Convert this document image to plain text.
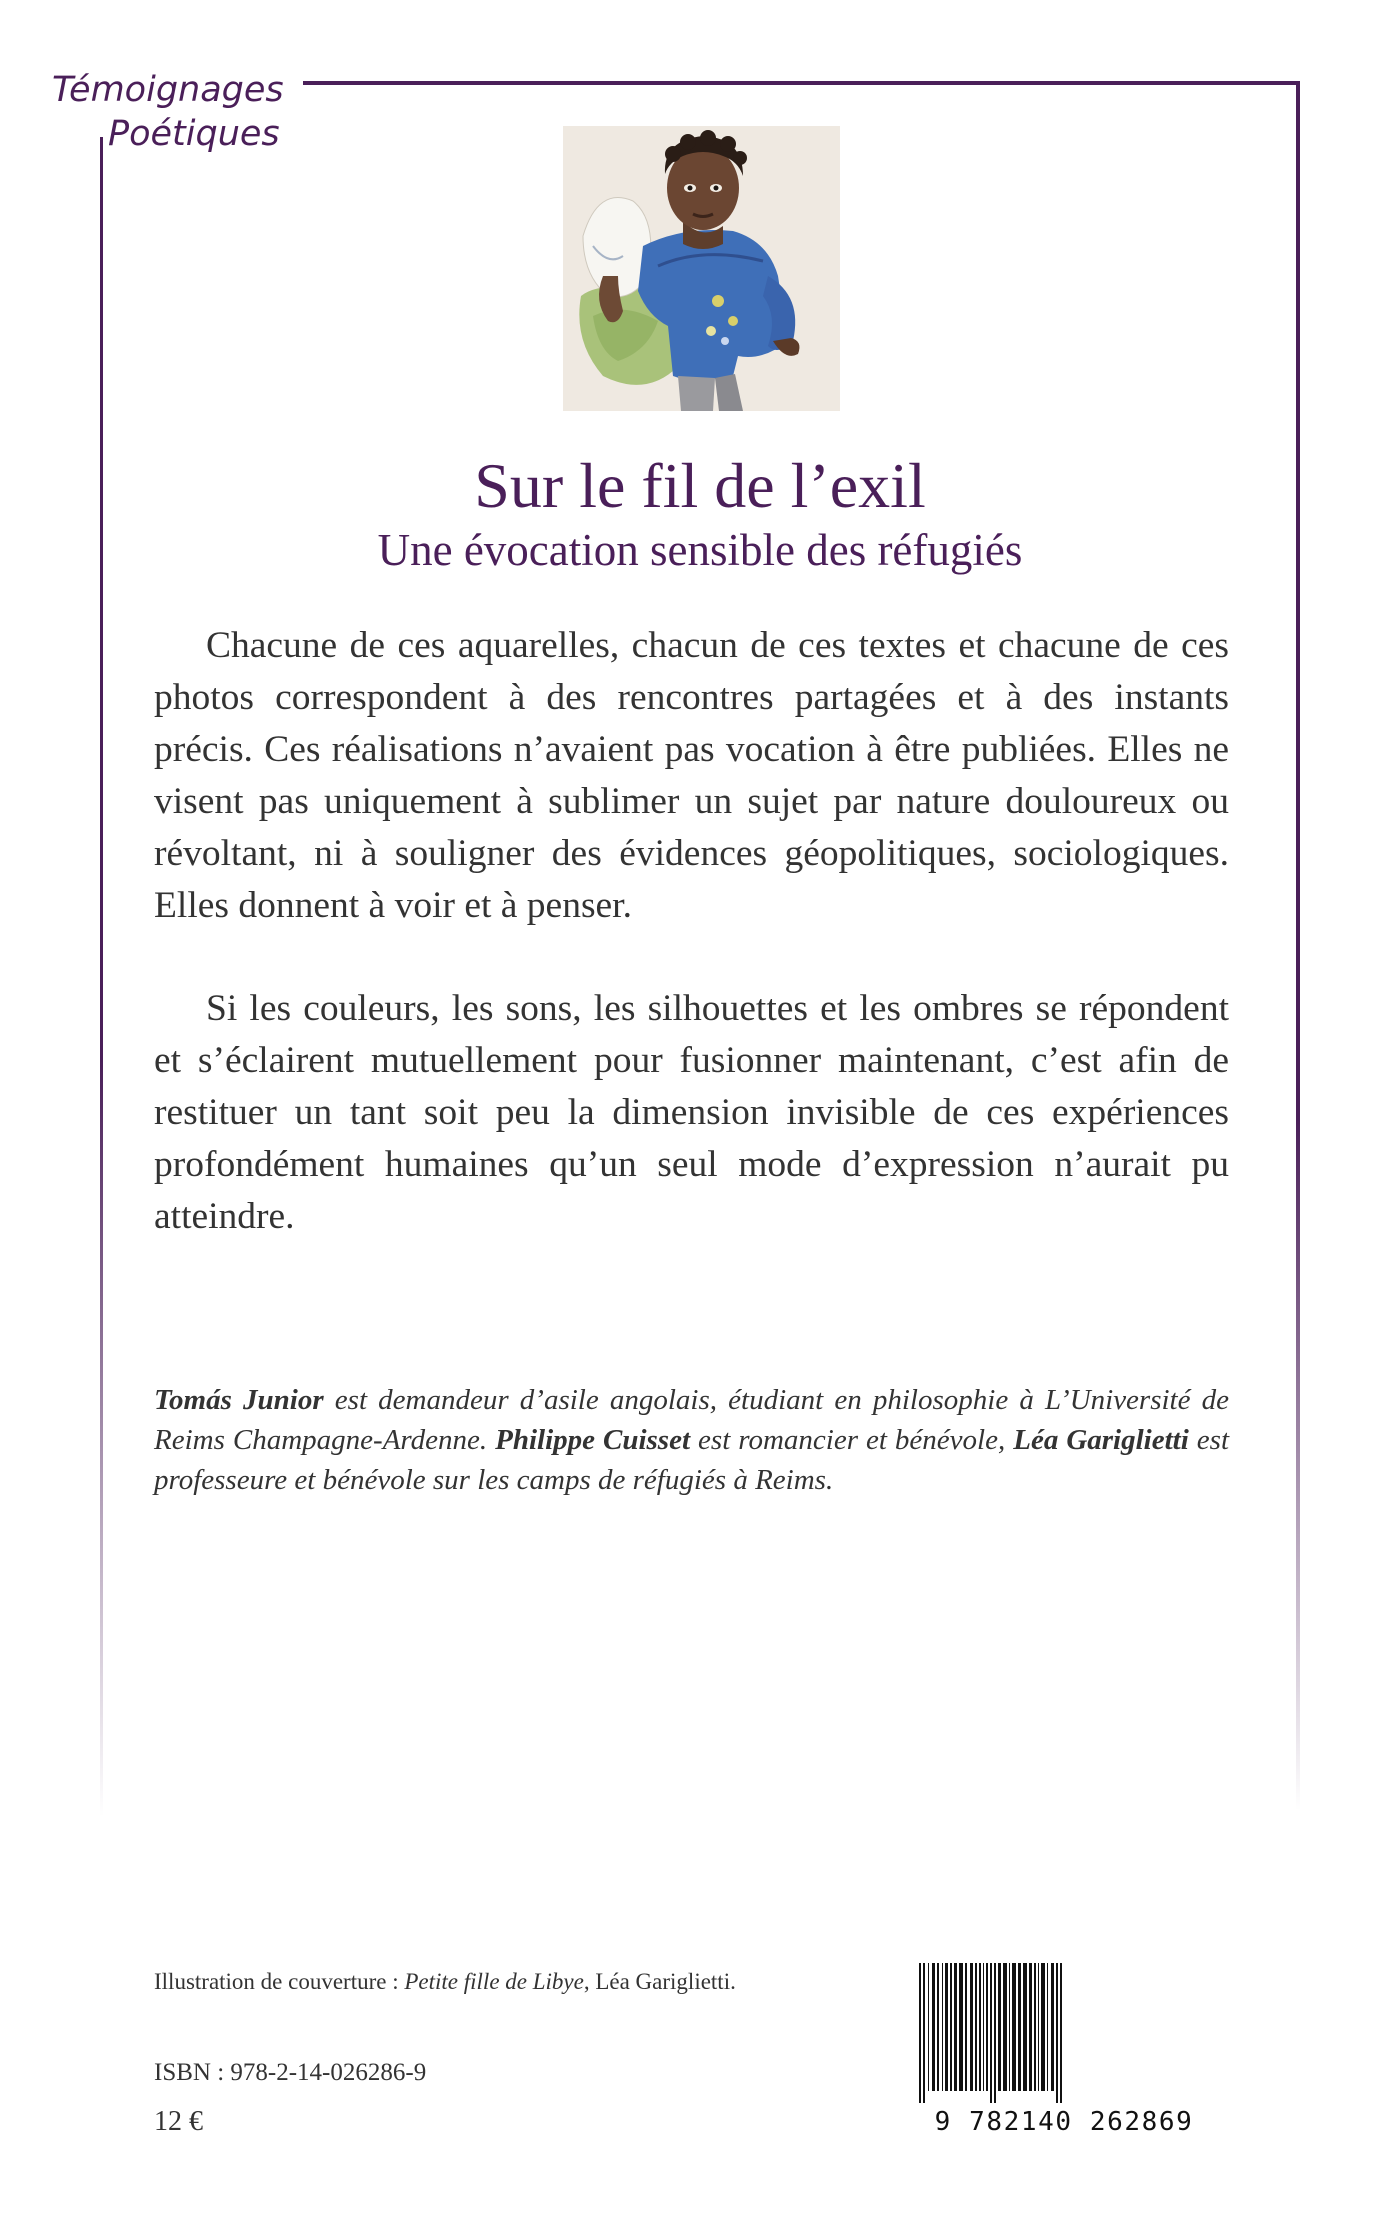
Témoignages
Poétiques
Sur le fil de l’exil
Une évocation sensible des réfugiés

Chacune de ces aquarelles, chacun de ces textes et chacune de ces photos correspondent à des rencontres partagées et à des instants précis. Ces réalisations n’avaient pas vocation à être publiées. Elles ne visent pas uniquement à sublimer un sujet par nature douloureux ou révoltant, ni à souligner des évidences géopolitiques, sociologiques. Elles donnent à voir et à penser.

Si les couleurs, les sons, les silhouettes et les ombres se répondent et s’éclairent mutuellement pour fusionner maintenant, c’est afin de restituer un tant soit peu la dimension invisible de ces expériences profondément humaines qu’un seul mode d’expression n’aurait pu atteindre.

Tomás Junior est demandeur d’asile angolais, étudiant en philosophie à L’Université de Reims Champagne-Ardenne. Philippe Cuisset est romancier et bénévole, Léa Gariglietti est professeure et bénévole sur les camps de réfugiés à Reims.

Illustration de couverture : Petite fille de Libye, Léa Gariglietti.
ISBN : 978-2-14-026286-9
12 €	9 782140 262869
